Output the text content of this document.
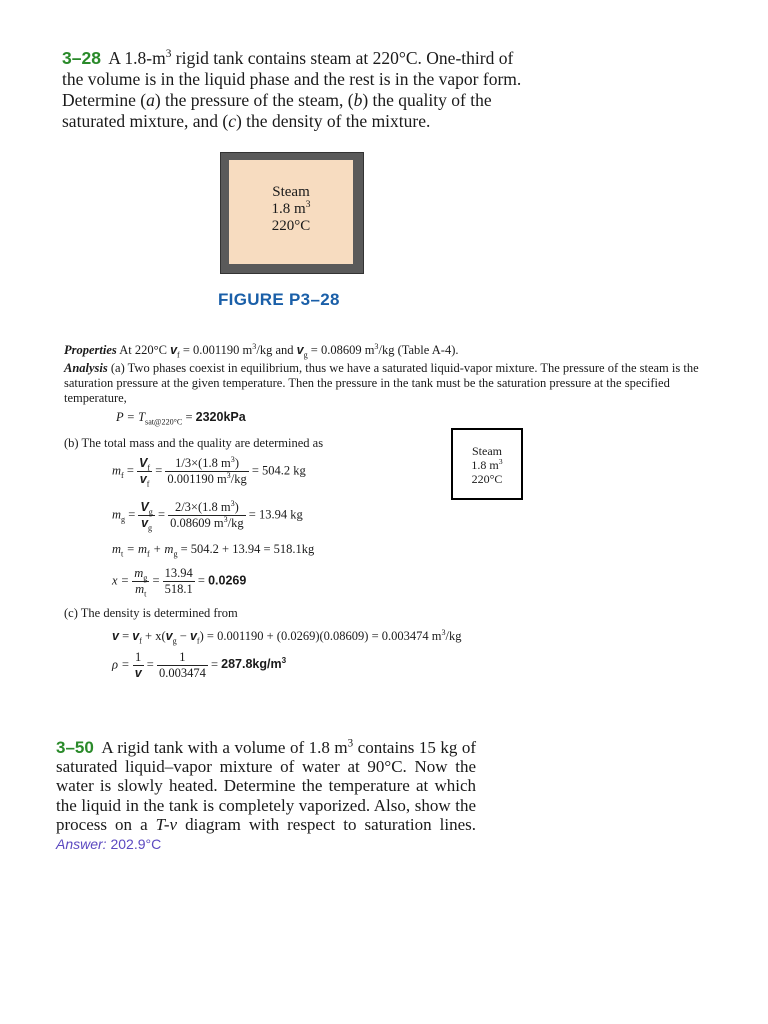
3–28 A $1.8-m^3$ rigid tank contains steam at 220°C. One-third of the volume is in the liquid phase and the rest is in the vapor form. Determine (a) the pressure of the steam, (b) the quality of the saturated mixture, and (c) the density of the mixture.
Steam
1.8 $m^3$
220°C
FIGURE P3–28
Properties At 220°C $v_f = 0.001190$ $m^3/kg$ and $v_g = 0.08609$ $m^3/kg$ (Table A-4).
Analysis (a) Two phases coexist in equilibrium, thus we have a saturated liquid-vapor mixture. The pressure of the steam is the saturation pressure at the given temperature. Then the pressure in the tank must be the saturation pressure at the specified temperature,
$P = T_{sat@220^\circ C} = 2320kPa$
(b) The total mass and the quality are determined as
Steam
1.8 $m^3$
220°C
$m_f = \frac{V_f}{v_f} = \frac{1/3\times(1.8 m^3)}{0.001190 m^3/kg} = 504.2$ kg
$m_g = \frac{V_g}{v_g} = \frac{2/3\times(1.8 m^3)}{0.08609 m^3/kg} = 13.94$ kg
$m_t = m_f + m_g = 504.2 + 13.94 = 518.1kg$
$x = \frac{m_g}{m_t} = \frac{13.94}{518.1} = 0.0269$
(c) The density is determined from
$v = v_f + x(v_g - v_f) = 0.001190 + (0.0269)(0.08609) = 0.003474$ $m^3/kg$
$\rho = \frac{1}{v} = \frac{1}{0.003474} = 287.8kg/m^3$
3–50 A rigid tank with a volume of 1.8 $m^3$ contains 15 kg of saturated liquid–vapor mixture of water at 90°C. Now the water is slowly heated. Determine the temperature at which the liquid in the tank is completely vaporized. Also, show the process on a T-v diagram with respect to saturation lines. Answer: 202.9°C
